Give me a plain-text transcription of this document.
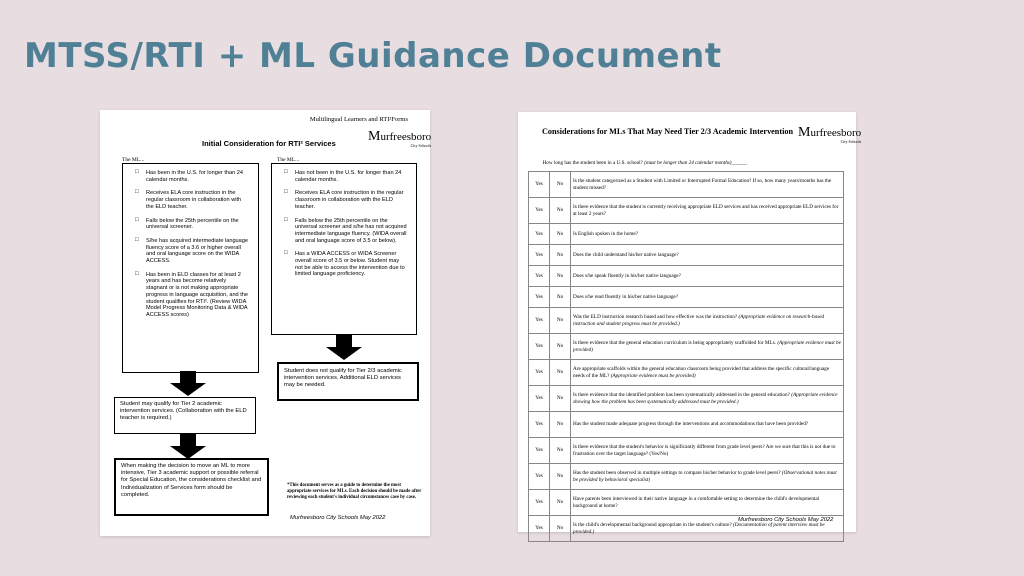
MTSS/RTI + ML Guidance Document
Multilingual Learners and RTI²Forms
Initial Consideration for RTI² Services Murfreesboro
City Schools
The ML...	The ML...
□ Has been in the U.S. for longer than 24 calendar months.
□ Receives ELA core instruction in the regular classroom in collaboration with the ELD teacher.
□ Falls below the 25th percentile on the universal screener.
□ S/he has acquired intermediate language fluency score of a 3.6 or higher overall and oral language score on the WIDA ACCESS.
□ Has been in ELD classes for at least 2 years and has become relatively stagnant or is not making appropriate progress in language acquisition, and the student qualifies for RTI². (Review WIDA Model Progress Monitoring Data & WIDA ACCESS scores)
□ Has not been in the U.S. for longer than 24 calendar months.
□ Receives ELA core instruction in the regular classroom in collaboration with the ELD teacher.
□ Falls below the 25th percentile on the universal screener and s/he has not acquired intermediate language fluency. (WIDA overall and oral language score of 3.5 or below).
□ Has a WIDA ACCESS or WIDA Screener overall score of 3.5 or below. Student may not be able to access the intervention due to limited language proficiency.

Student may qualify for Tier 2 academic intervention services. (Collaboration with the ELD teacher is required.)

When making the decision to move an ML to more intensive, Tier 3 academic support or possible referral for Special Education, the considerations checklist and Individualization of Services form should be completed.

Student does not qualify for Tier 2/3 academic intervention services. Additional ELD services may be needed.

*This document serves as a guide to determine the most appropriate services for MLs. Each decision should be made after reviewing each student's individual circumstances case by case.
Murfreesboro City Schools May 2022
Murfreesboro
City Schools
Considerations for MLs That May Need Tier 2/3 Academic Intervention
How long has the student been in a U.S. school? (must be longer than 24 calendar months)______		
Yes	No	Is the student categorized as a Student with Limited or Interrupted Formal Education? If so, how many years/months has the student missed?
Yes	No	Is there evidence that the student is currently receiving appropriate ELD services and has received appropriate ELD services for at least 2 years?
Yes	No	Is English spoken in the home?
Yes	No	Does the child understand his/her native language?
Yes	No	Does s/he speak fluently in his/her native language?
Yes	No	Does s/he read fluently in his/her native language?
Yes	No	Was the ELD instruction research based and how effective was the instruction? (Appropriate evidence on research-based instruction and student progress must be provided.)
Yes	No	Is there evidence that the general education curriculum is being appropriately scaffolded for MLs. (Appropriate evidence must be provided)
Yes	No	Are appropriate scaffolds within the general education classroom being provided that address the specific cultural/language needs of the ML? (Appropriate evidence must be provided)
Yes	No	Is there evidence that the identified problem has been systematically addressed in the general education? (Appropriate evidence showing how the problem has been systematically addressed must be provided.)
Yes	No	Has the student made adequate progress through the interventions and accommodations that have been provided?
Yes	No	Is there evidence that the student's behavior is significantly different from grade level peers? Are we sure that this is not due to frustration over the target language? (Yes/No)
Yes	No	Has the student been observed in multiple settings to compare his/her behavior to grade level peers? (Observational notes must be provided by behavioral specialist)
Yes	No	Have parents been interviewed in their native language in a comfortable setting to determine the child's developmental background at home?
Yes	No	Is the child's developmental background appropriate in the student's culture? (Documentation of parent interview must be provided.)
Murfreesboro City Schools May 2022
